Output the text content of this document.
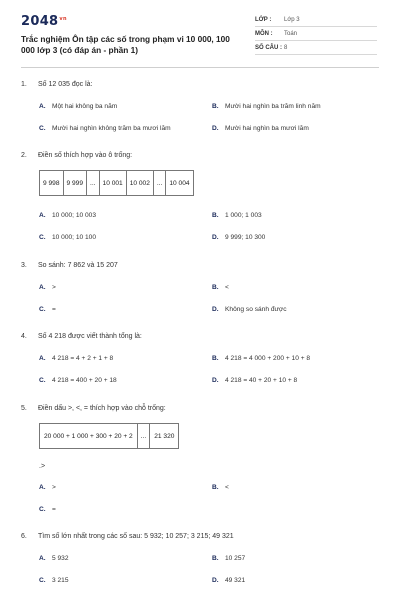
$2048^{vn}$
Trắc nghiệm Ôn tập các số trong phạm vi 10 000, 100 000 lớp 3 (có đáp án - phần 1)
LỚP : Lớp 3
MÔN : Toán
SỐ CÂU : 8
1. Số 12 035 đọc là:
A. Một hai không ba năm	B. Mười hai nghìn ba trăm linh năm
C. Mười hai nghìn không trăm ba mươi lăm	D. Mười hai nghìn ba mươi lăm
2. Điền số thích hợp vào ô trống:
9 998	9 999	...	10 001	10 002	...	10 004
A. 10 000; 10 003	B. 1 000; 1 003
C. 10 000; 10 100	D. 9 999; 10 300
3. So sánh: 7 862 và 15 207
A. >	B. <
C. =	D. Không so sánh được
4. Số 4 218 được viết thành tổng là:
A. 4 218 = 4 + 2 + 1 + 8	B. 4 218 = 4 000 + 200 + 10 + 8
C. 4 218 = 400 + 20 + 18	D. 4 218 = 40 + 20 + 10 + 8
5. Điền dấu >, <, = thích hợp vào chỗ trống:
20 000 + 1 000 + 300 + 20 + 2	...	21 320
.>
A. >	B. <
C. =
6. Tìm số lớn nhất trong các số sau: 5 932; 10 257; 3 215; 49 321
A. 5 932	B. 10 257
C. 3 215	D. 49 321
